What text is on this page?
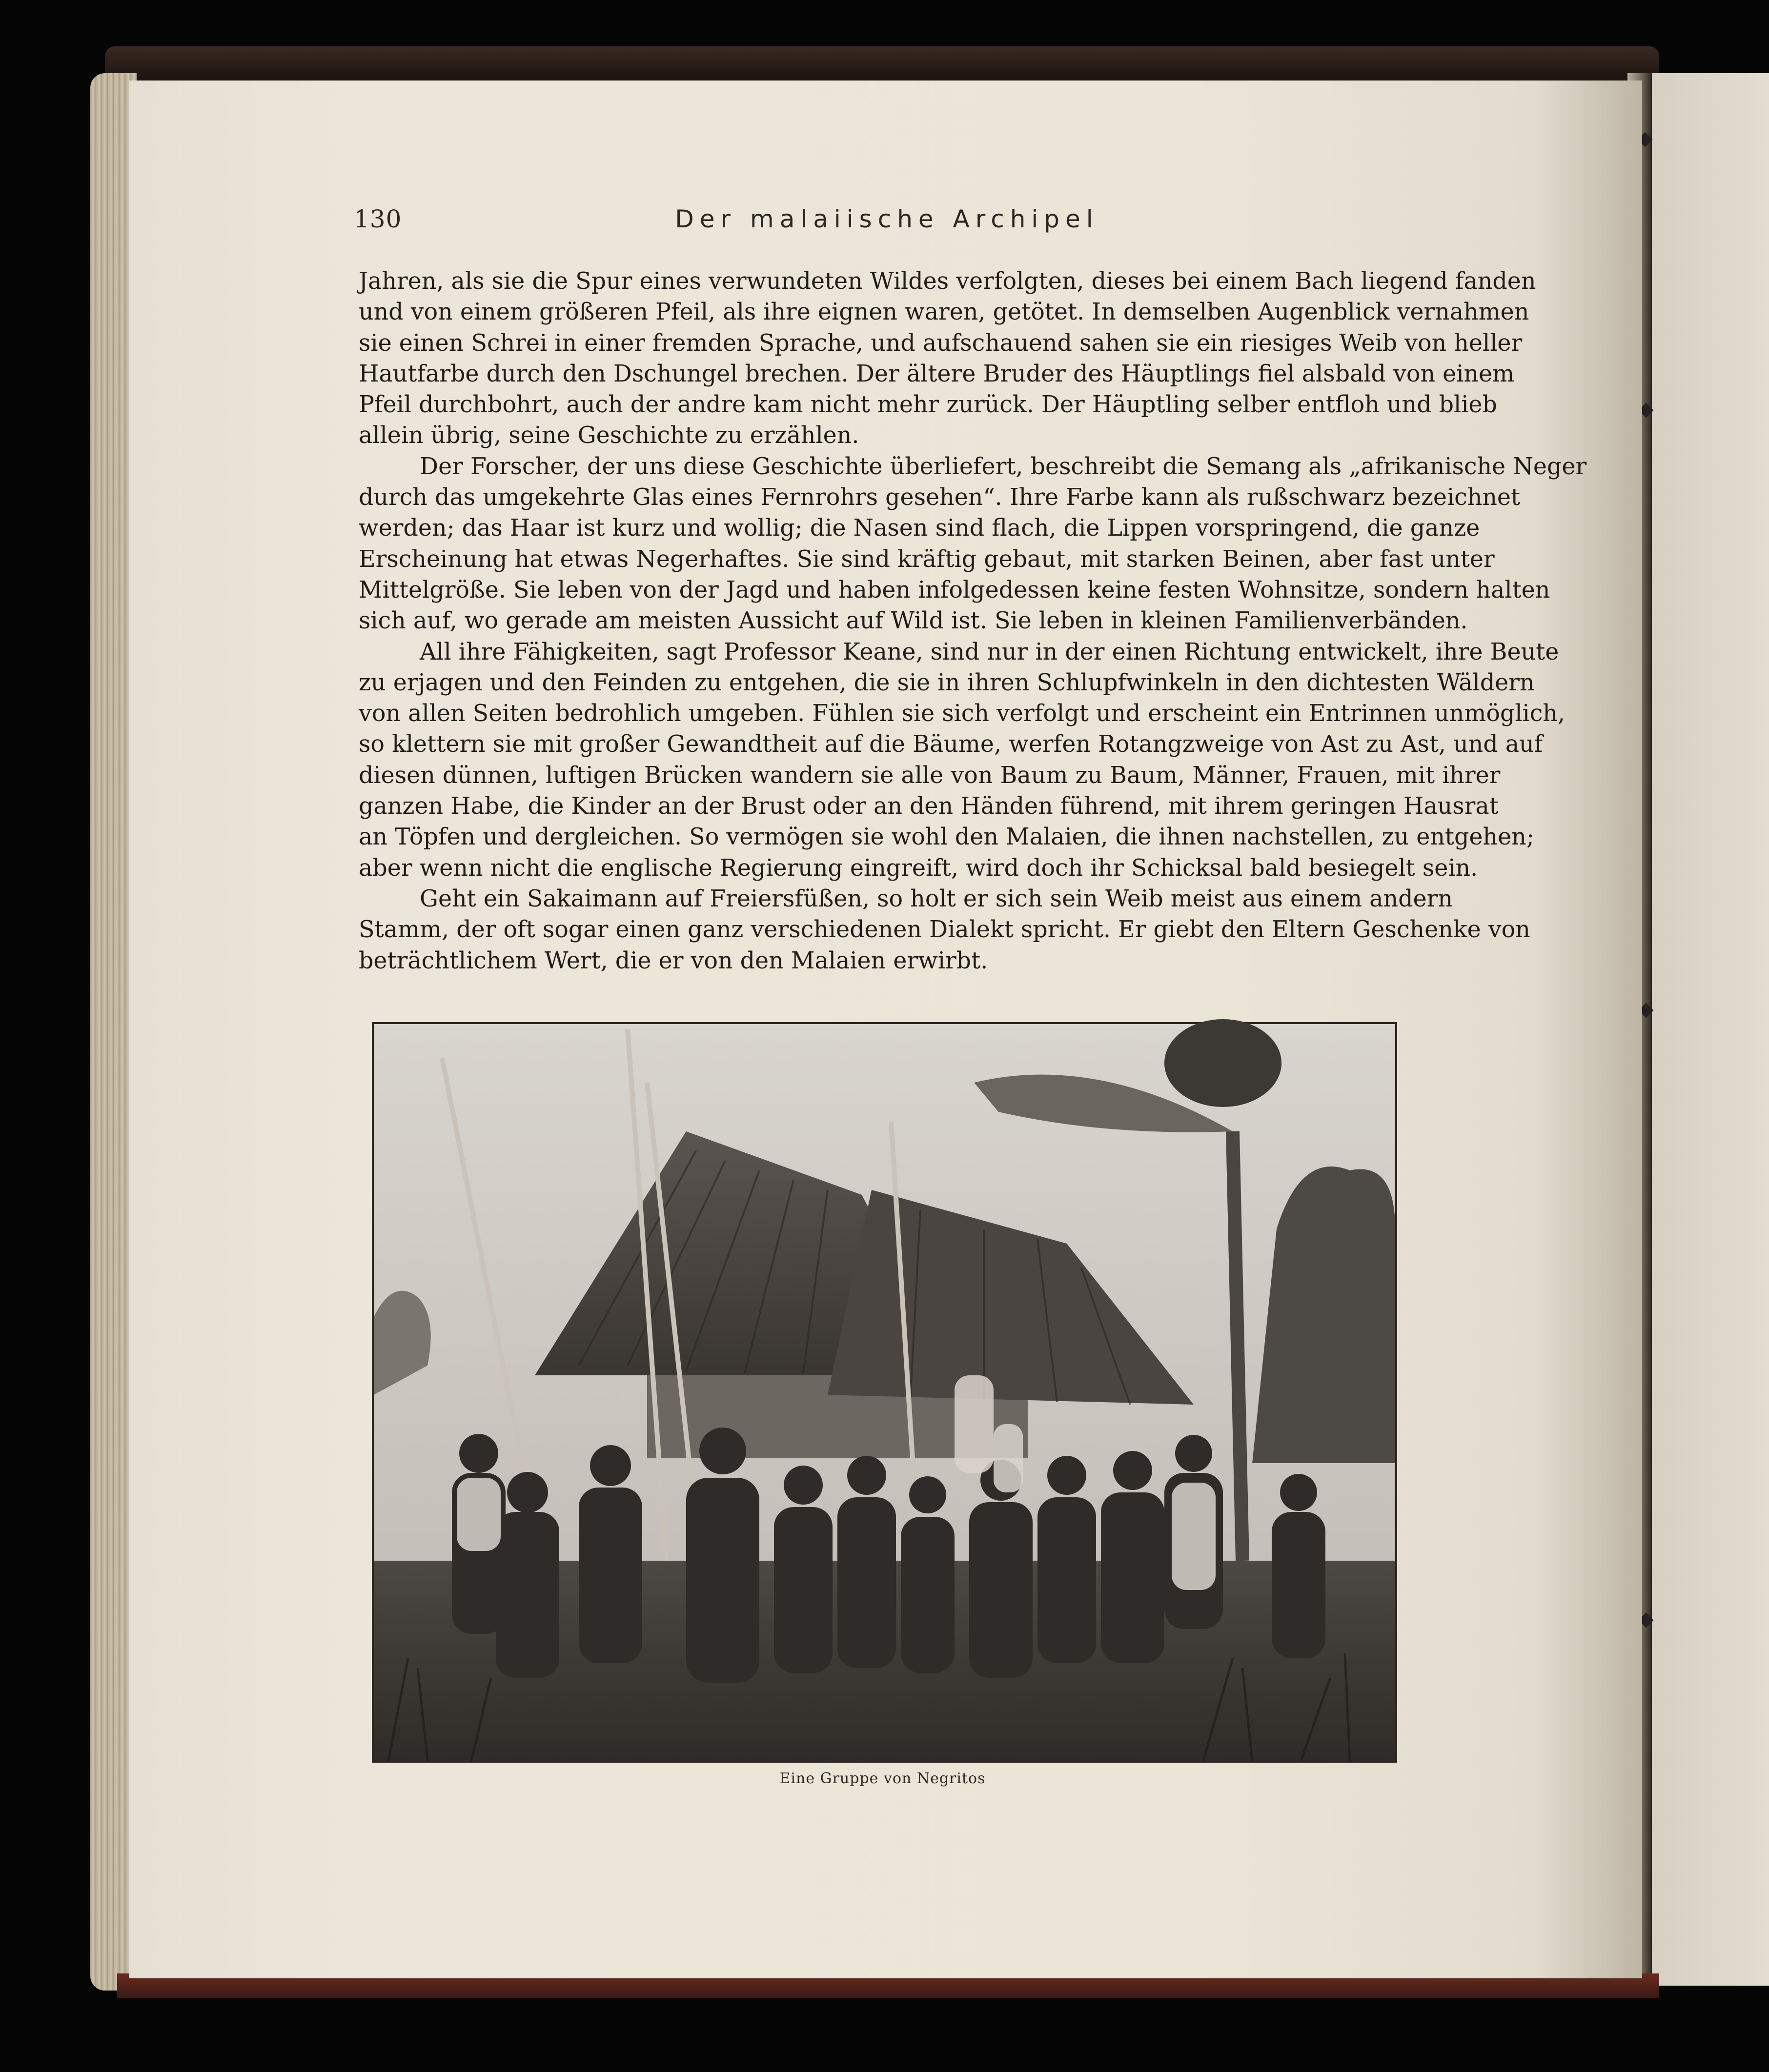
130	Der malaiische Archipel
Jahren, als sie die Spur eines verwundeten Wildes verfolgten, dieses bei einem Bach liegend fanden
und von einem größeren Pfeil, als ihre eignen waren, getötet. In demselben Augenblick vernahmen
sie einen Schrei in einer fremden Sprache, und aufschauend sahen sie ein riesiges Weib von heller
Hautfarbe durch den Dschungel brechen. Der ältere Bruder des Häuptlings fiel alsbald von einem
Pfeil durchbohrt, auch der andre kam nicht mehr zurück. Der Häuptling selber entfloh und blieb
allein übrig, seine Geschichte zu erzählen.
Der Forscher, der uns diese Geschichte überliefert, beschreibt die Semang als „afrikanische Neger
durch das umgekehrte Glas eines Fernrohrs gesehen“. Ihre Farbe kann als rußschwarz bezeichnet
werden; das Haar ist kurz und wollig; die Nasen sind flach, die Lippen vorspringend, die ganze
Erscheinung hat etwas Negerhaftes. Sie sind kräftig gebaut, mit starken Beinen, aber fast unter
Mittelgröße. Sie leben von der Jagd und haben infolgedessen keine festen Wohnsitze, sondern halten
sich auf, wo gerade am meisten Aussicht auf Wild ist. Sie leben in kleinen Familienverbänden.
All ihre Fähigkeiten, sagt Professor Keane, sind nur in der einen Richtung entwickelt, ihre Beute
zu erjagen und den Feinden zu entgehen, die sie in ihren Schlupfwinkeln in den dichtesten Wäldern
von allen Seiten bedrohlich umgeben. Fühlen sie sich verfolgt und erscheint ein Entrinnen unmöglich,
so klettern sie mit großer Gewandtheit auf die Bäume, werfen Rotangzweige von Ast zu Ast, und auf
diesen dünnen, luftigen Brücken wandern sie alle von Baum zu Baum, Männer, Frauen, mit ihrer
ganzen Habe, die Kinder an der Brust oder an den Händen führend, mit ihrem geringen Hausrat
an Töpfen und dergleichen. So vermögen sie wohl den Malaien, die ihnen nachstellen, zu entgehen;
aber wenn nicht die englische Regierung eingreift, wird doch ihr Schicksal bald besiegelt sein.
Geht ein Sakaimann auf Freiersfüßen, so holt er sich sein Weib meist aus einem andern
Stamm, der oft sogar einen ganz verschiedenen Dialekt spricht. Er giebt den Eltern Geschenke von
beträchtlichem Wert, die er von den Malaien erwirbt.
Eine Gruppe von Negritos
